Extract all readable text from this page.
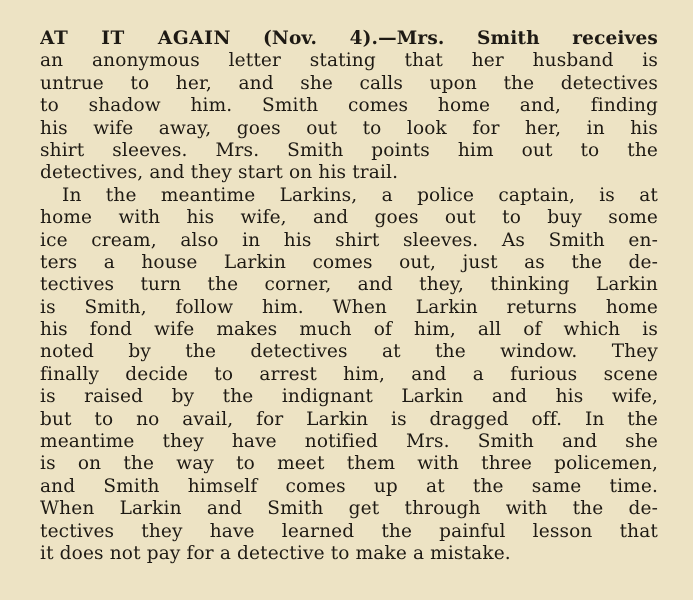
AT IT AGAIN (Nov. 4).—Mrs. Smith receives
an anonymous letter stating that her husband is
untrue to her, and she calls upon the detectives
to shadow him. Smith comes home and, finding
his wife away, goes out to look for her, in his
shirt sleeves. Mrs. Smith points him out to the
detectives, and they start on his trail.
In the meantime Larkins, a police captain, is at
home with his wife, and goes out to buy some
ice cream, also in his shirt sleeves. As Smith en-
ters a house Larkin comes out, just as the de-
tectives turn the corner, and they, thinking Larkin
is Smith, follow him. When Larkin returns home
his fond wife makes much of him, all of which is
noted by the detectives at the window. They
finally decide to arrest him, and a furious scene
is raised by the indignant Larkin and his wife,
but to no avail, for Larkin is dragged off. In the
meantime they have notified Mrs. Smith and she
is on the way to meet them with three policemen,
and Smith himself comes up at the same time.
When Larkin and Smith get through with the de-
tectives they have learned the painful lesson that
it does not pay for a detective to make a mistake.
